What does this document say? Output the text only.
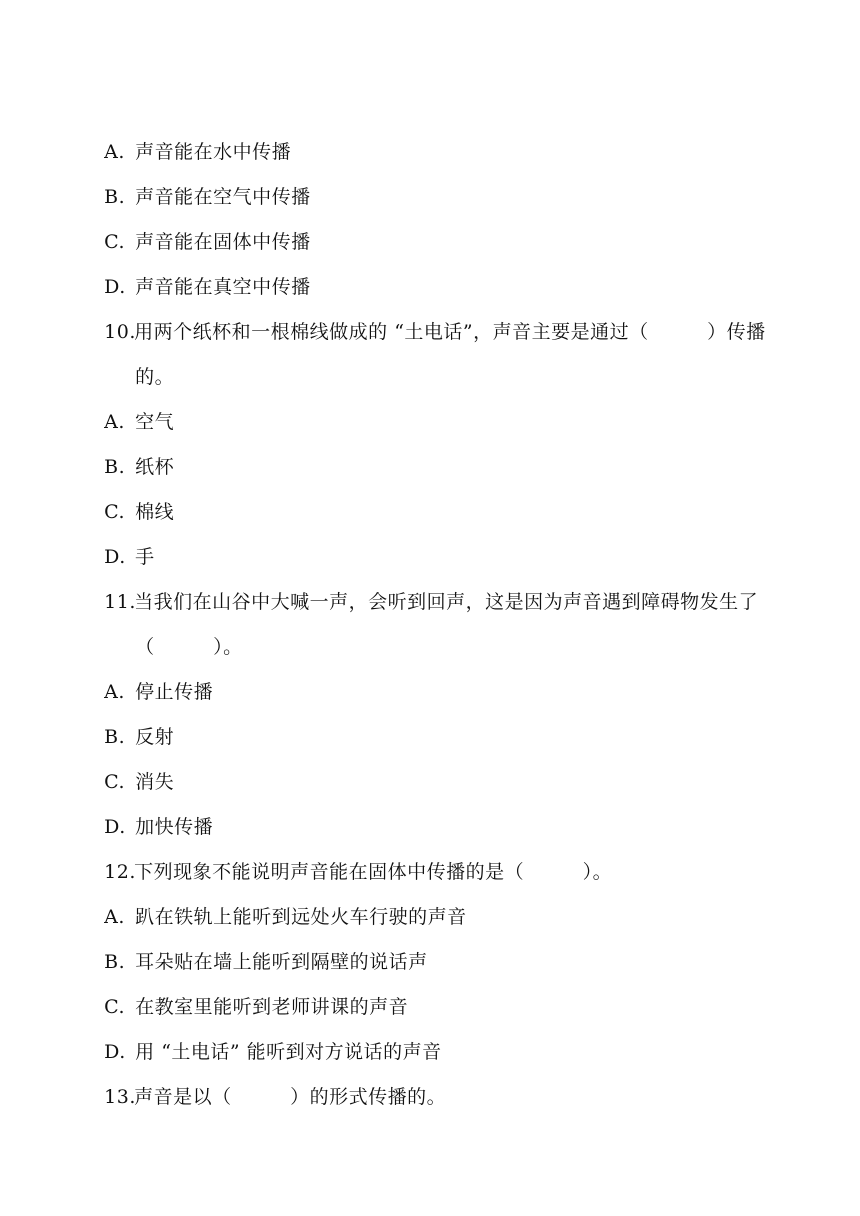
A. 声音能在水中传播

B. 声音能在空气中传播

C. 声音能在固体中传播

D. 声音能在真空中传播

10.用两个纸杯和一根棉线做成的 “土电话”，声音主要是通过（　　　）传播

的。

A. 空气

B. 纸杯

C. 棉线

D. 手

11.当我们在山谷中大喊一声，会听到回声，这是因为声音遇到障碍物发生了

（　　　）。

A. 停止传播

B. 反射

C. 消失

D. 加快传播

12.下列现象不能说明声音能在固体中传播的是（　　　）。

A. 趴在铁轨上能听到远处火车行驶的声音

B. 耳朵贴在墙上能听到隔壁的说话声

C. 在教室里能听到老师讲课的声音

D. 用 “土电话” 能听到对方说话的声音

13.声音是以（　　　）的形式传播的。
